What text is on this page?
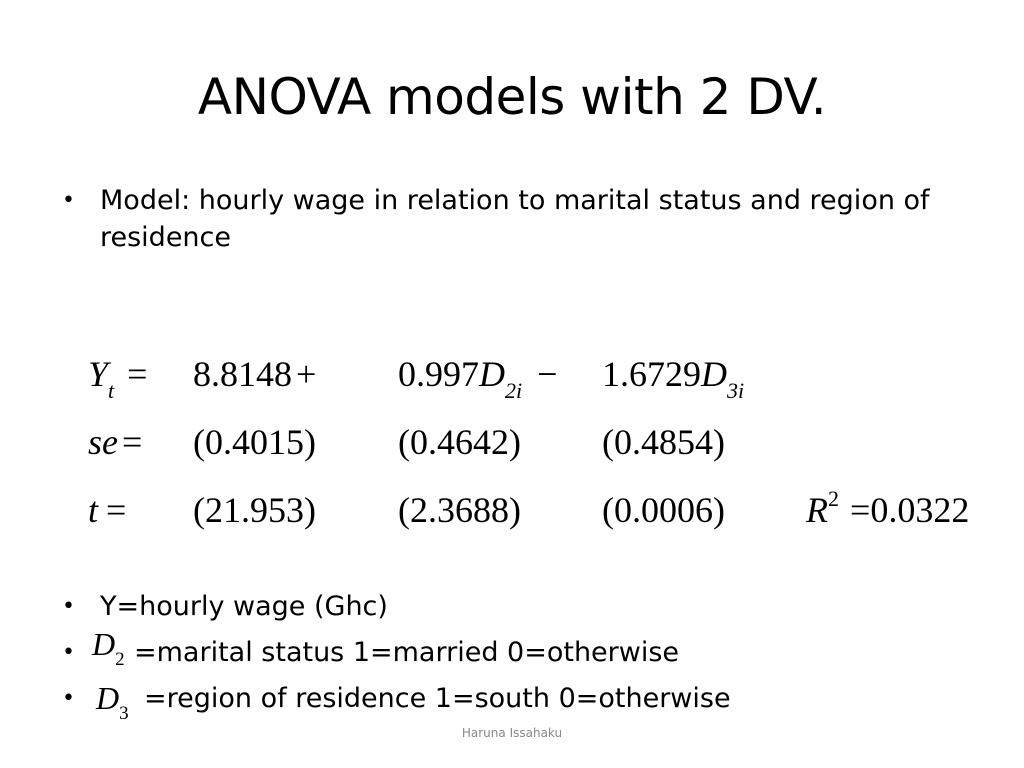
ANOVA models with 2 DV.
• Model: hourly wage in relation to marital status and region of residence
$Y_t = 8.8148 + 0.997D_{2i} - 1.6729D_{3i}$
se = (0.4015) (0.4642) (0.4854)
t = (21.953) (2.3688) (0.0006) $R^2 =0.0322$
• Y=hourly wage (Ghc)
• $D_2$ =marital status 1=married 0=otherwise
• $D_3$ =region of residence 1=south 0=otherwise
Haruna Issahaku
